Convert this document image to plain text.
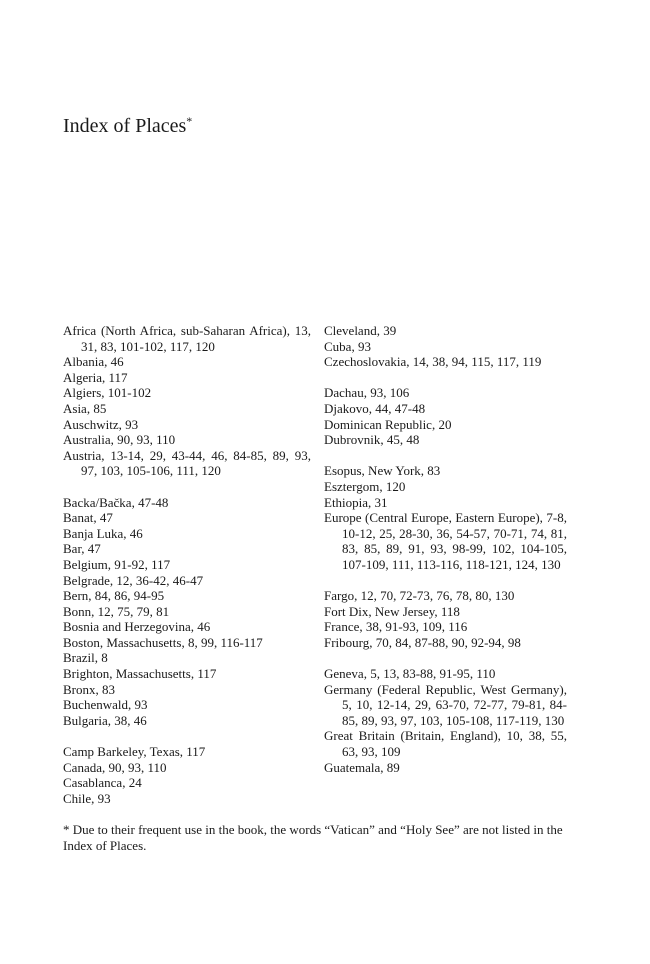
Index of Places*
Africa (North Africa, sub-Saharan Africa), 13, 31, 83, 101-102, 117, 120
Albania, 46
Algeria, 117
Algiers, 101-102
Asia, 85
Auschwitz, 93
Australia, 90, 93, 110
Austria, 13-14, 29, 43-44, 46, 84-85, 89, 93, 97, 103, 105-106, 111, 120
Backa/Bačka, 47-48
Banat, 47
Banja Luka, 46
Bar, 47
Belgium, 91-92, 117
Belgrade, 12, 36-42, 46-47
Bern, 84, 86, 94-95
Bonn, 12, 75, 79, 81
Bosnia and Herzegovina, 46
Boston, Massachusetts, 8, 99, 116-117
Brazil, 8
Brighton, Massachusetts, 117
Bronx, 83
Buchenwald, 93
Bulgaria, 38, 46
Camp Barkeley, Texas, 117
Canada, 90, 93, 110
Casablanca, 24
Chile, 93
Cleveland, 39
Cuba, 93
Czechoslovakia, 14, 38, 94, 115, 117, 119
Dachau, 93, 106
Djakovo, 44, 47-48
Dominican Republic, 20
Dubrovnik, 45, 48
Esopus, New York, 83
Esztergom, 120
Ethiopia, 31
Europe (Central Europe, Eastern Europe), 7-8, 10-12, 25, 28-30, 36, 54-57, 70-71, 74, 81, 83, 85, 89, 91, 93, 98-99, 102, 104-105, 107-109, 111, 113-116, 118-121, 124, 130
Fargo, 12, 70, 72-73, 76, 78, 80, 130
Fort Dix, New Jersey, 118
France, 38, 91-93, 109, 116
Fribourg, 70, 84, 87-88, 90, 92-94, 98
Geneva, 5, 13, 83-88, 91-95, 110
Germany (Federal Republic, West Germany), 5, 10, 12-14, 29, 63-70, 72-77, 79-81, 84-85, 89, 93, 97, 103, 105-108, 117-119, 130
Great Britain (Britain, England), 10, 38, 55, 63, 93, 109
Guatemala, 89

* Due to their frequent use in the book, the words “Vatican” and “Holy See” are not listed in the Index of Places.
